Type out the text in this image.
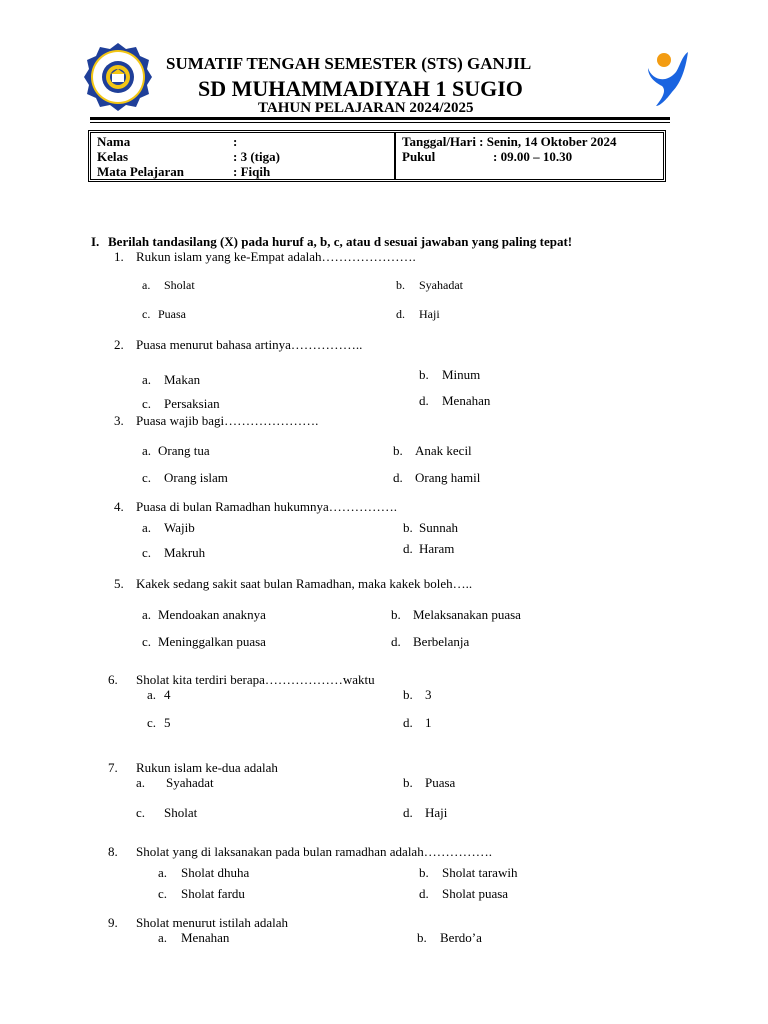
SUMATIF TENGAH SEMESTER (STS) GANJIL
SD MUHAMMADIYAH 1 SUGIO
TAHUN PELAJARAN 2024/2025
Nama	:
Kelas	: 3 (tiga)
Mata Pelajaran	: Fiqih
Tanggal/Hari : Senin, 14 Oktober 2024
Pukul	: 09.00 – 10.30
I. Berilah tandasilang (X) pada huruf a, b, c, atau d sesuai jawaban yang paling tepat!
1. Rukun islam yang ke-Empat adalah………………….
a. Sholat	b. Syahadat
c. Puasa	d. Haji
2. Puasa menurut bahasa artinya……………..
a. Makan	b. Minum
c. Persaksian	d. Menahan
3. Puasa wajib bagi………………….
a. Orang tua	b. Anak kecil
c. Orang islam	d. Orang hamil
4. Puasa di bulan Ramadhan hukumnya…………….
a. Wajib	b. Sunnah
c. Makruh	d. Haram
5. Kakek sedang sakit saat bulan Ramadhan, maka kakek boleh…..
a. Mendoakan anaknya	b. Melaksanakan puasa
c. Meninggalkan puasa	d. Berbelanja
6. Sholat kita terdiri berapa………………waktu
a. 4	b. 3
c. 5	d. 1
7. Rukun islam ke-dua adalah
a. Syahadat	b. Puasa
c. Sholat	d. Haji
8. Sholat yang di laksanakan pada bulan ramadhan adalah…………….
a. Sholat dhuha	b. Sholat tarawih
c. Sholat fardu	d. Sholat puasa
9. Sholat menurut istilah adalah
a. Menahan	b. Berdo’a
